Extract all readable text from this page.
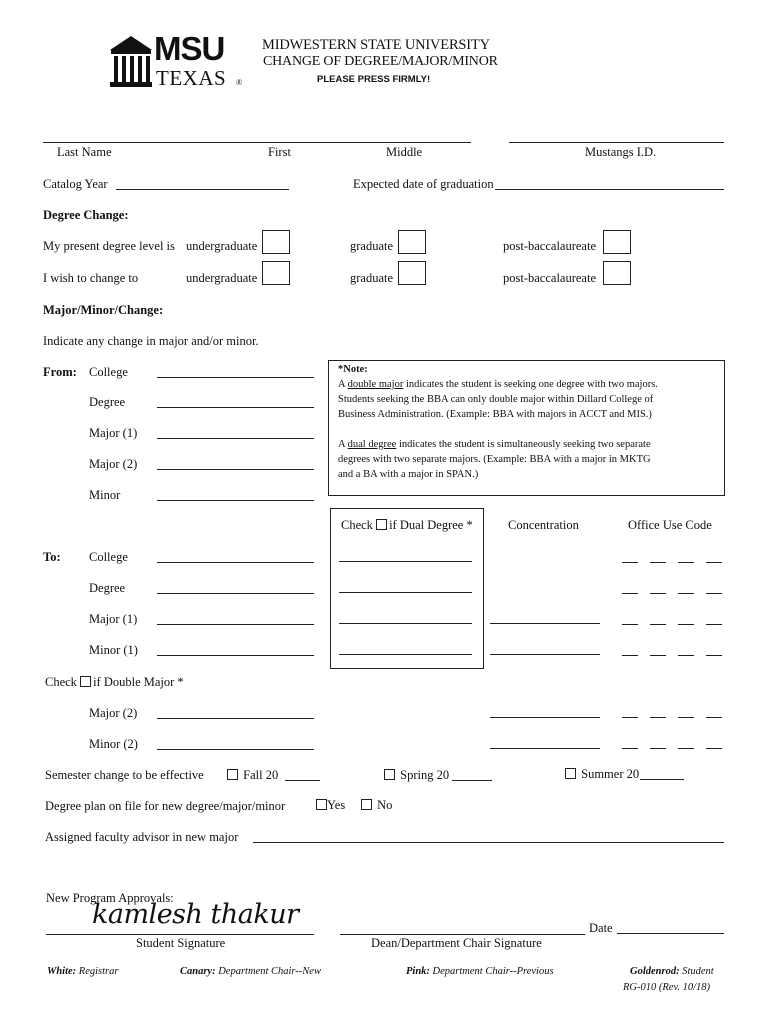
MSU
TEXAS ®
MIDWESTERN STATE UNIVERSITY
CHANGE OF DEGREE/MAJOR/MINOR
PLEASE PRESS FIRMLY!
Last Name	First	Middle	Mustangs I.D.
Catalog Year	Expected date of graduation
Degree Change:
My present degree level is undergraduate	graduate	post-baccalaureate
I wish to change to	undergraduate	graduate	post-baccalaureate
Major/Minor/Change:
Indicate any change in major and/or minor.
From: College
Degree
Major (1)
Major (2)
Minor
*Note:
A double major indicates the student is seeking one degree with two majors.
Students seeking the BBA can only double major within Dillard College of
Business Administration. (Example: BBA with majors in ACCT and MIS.)
A dual degree indicates the student is simultaneously seeking two separate
degrees with two separate majors. (Example: BBA with a major in MKTG
and a BA with a major in SPAN.)
Check if Dual Degree *	Concentration	Office Use Code
To: College
Degree
Major (1)
Minor (1)
Check if Double Major *
Major (2)
Minor (2)
Semester change to be effective	Fall 20	Spring 20	Summer 20
Degree plan on file for new degree/major/minor	Yes	No
Assigned faculty advisor in new major
New Program Approvals:
kamlesh thakur	Date
Student Signature	Dean/Department Chair Signature
White: Registrar	Canary: Department Chair--New	Pink: Department Chair--Previous	Goldenrod: Student
RG-010 (Rev. 10/18)
